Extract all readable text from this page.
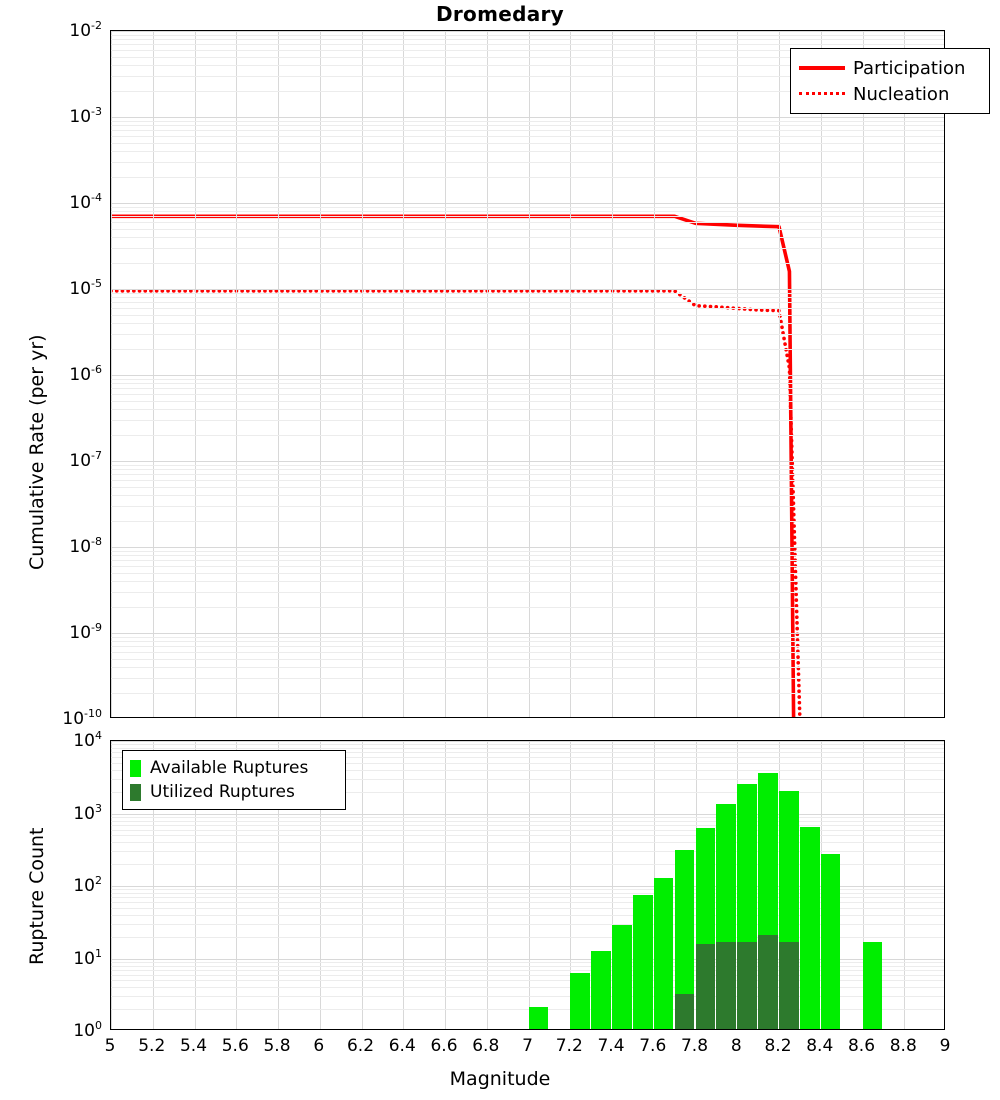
Dromedary
$10^{-2}$
$10^{-3}$
$10^{-4}$
$10^{-5}$
$10^{-6}$
$10^{-7}$
$10^{-8}$
$10^{-9}$
$10^{-10}$
Cumulative Rate (per yr)
Participation
Nucleation
$10^4$
$10^3$
$10^2$
$10^1$
$10^0$
5 5.2 5.4 5.6 5.8 6 6.2 6.4 6.6 6.8 7 7.2 7.4 7.6 7.8 8 8.2 8.4 8.6 8.8 9
Rupture Count
Magnitude
Available Ruptures
Utilized Ruptures
